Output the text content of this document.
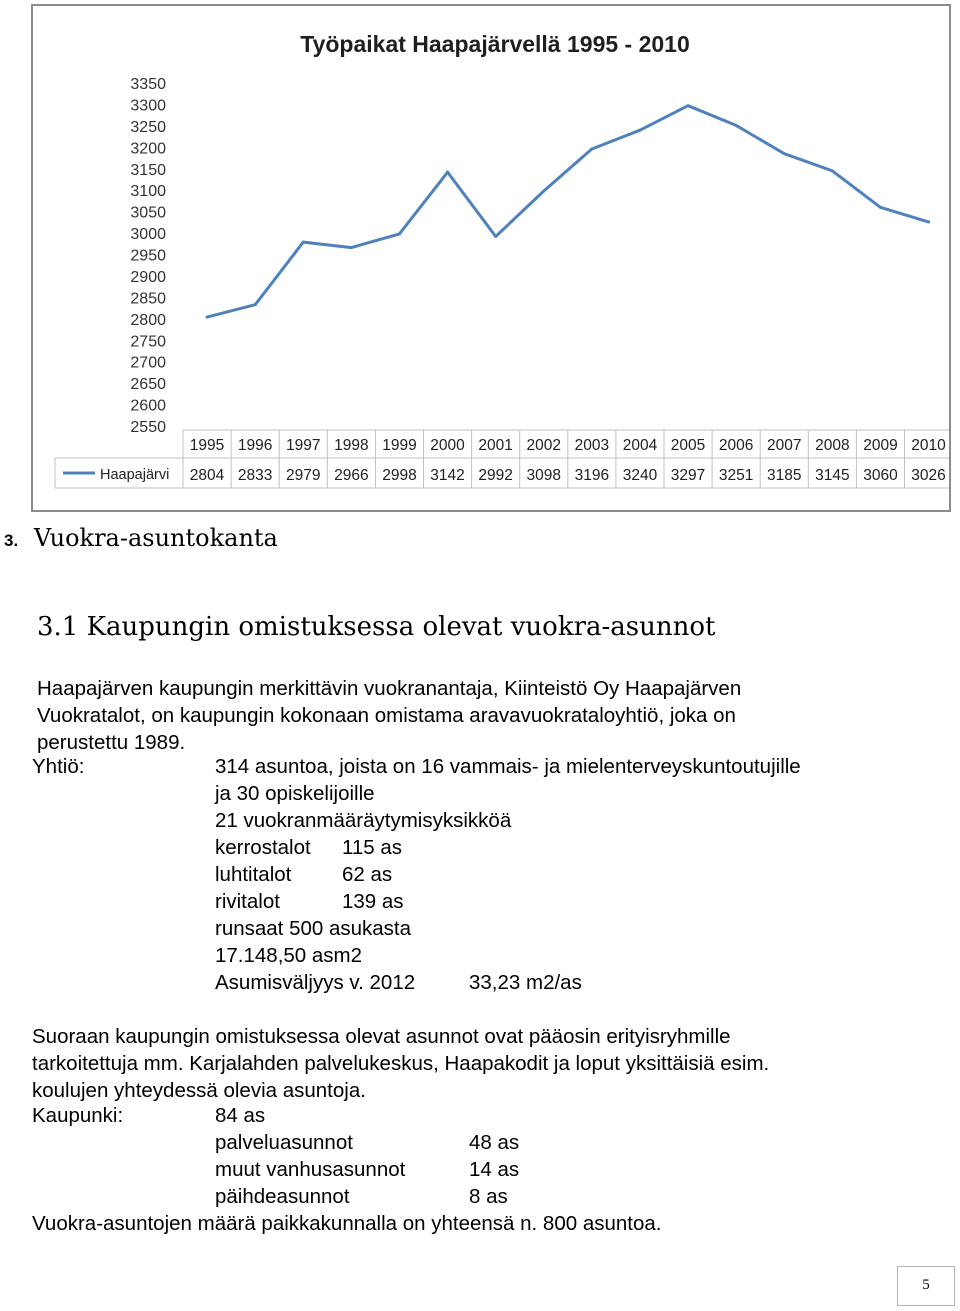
Työpaikat Haapajärvellä 1995 - 2010
3350
3300
3250
3200
3150
3100
3050
3000
2950
2900
2850
2800
2750
2700
2650
2600
2550
1995 1996 1997 1998 1999 2000 2001 2002 2003 2004 2005 2006 2007 2008 2009 2010
Haapajärvi 2804 2833 2979 2966 2998 3142 2992 3098 3196 3240 3297 3251 3185 3145 3060 3026
3. Vuokra-asuntokanta
3.1 Kaupungin omistuksessa olevat vuokra-asunnot

Haapajärven kaupungin merkittävin vuokranantaja, Kiinteistö Oy Haapajärven

Vuokratalot, on kaupungin kokonaan omistama aravavuokrataloyhtiö, joka on

perustettu 1989.

Yhtiö:	314 asuntoa, joista on 16 vammais- ja mielenterveyskuntoutujille

ja 30 opiskelijoille

21 vuokranmääräytymisyksikköä

kerrostalot 115 as

luhtitalot 62 as

rivitalot	139 as

runsaat 500 asukasta

17.148,50 asm2

Asumisväljyys v. 2012	33,23 m2/as

Suoraan kaupungin omistuksessa olevat asunnot ovat pääosin erityisryhmille

tarkoitettuja mm. Karjalahden palvelukeskus, Haapakodit ja loput yksittäisiä esim.

koulujen yhteydessä olevia asuntoja.

Kaupunki:	84 as

palveluasunnot	48 as

muut vanhusasunnot	14 as

päihdeasunnot	8 as

Vuokra-asuntojen määrä paikkakunnalla on yhteensä n. 800 asuntoa.

5
